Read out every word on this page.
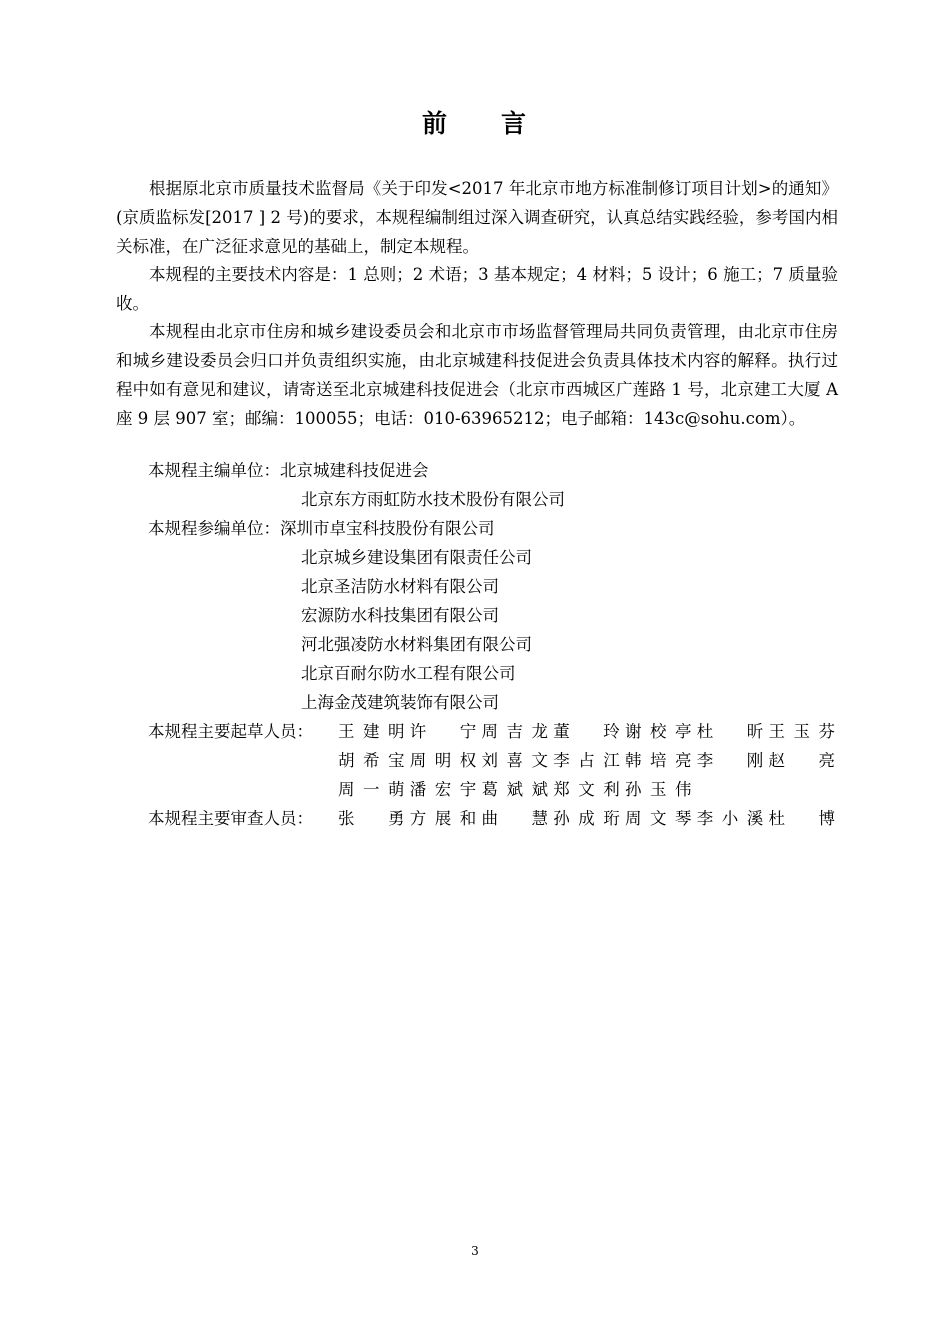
前 言

根据原北京市质量技术监督局《关于印发<2017 年北京市地方标准制修订项目计划>的通知》(京质监标发[2017 ] 2 号)的要求，本规程编制组过深入调查研究，认真总结实践经验，参考国内相关标准，在广泛征求意见的基础上，制定本规程。

本规程的主要技术内容是：1 总则；2 术语；3 基本规定；4 材料；5 设计；6 施工；7 质量验收。

本规程由北京市住房和城乡建设委员会和北京市市场监督管理局共同负责管理，由北京市住房和城乡建设委员会归口并负责组织实施，由北京城建科技促进会负责具体技术内容的解释。执行过程中如有意见和建议，请寄送至北京城建科技促进会（北京市西城区广莲路 1 号，北京建工大厦 A 座 9 层 907 室；邮编：100055；电话：010-63965212；电子邮箱：143c@sohu.com）。

本规程主编单位：北京城建科技促进会
北京东方雨虹防水技术股份有限公司
本规程参编单位：深圳市卓宝科技股份有限公司
北京城乡建设集团有限责任公司
北京圣洁防水材料有限公司
宏源防水科技集团有限公司
河北强凌防水材料集团有限公司
北京百耐尔防水工程有限公司
上海金茂建筑装饰有限公司
本规程主要起草人员： 王建明 许　宁 周吉龙 董　玲 谢校亭 杜　昕 王玉芬
胡希宝 周明权 刘喜文 李占江 韩培亮 李　刚 赵　亮
周一萌 潘宏宇 葛斌斌 郑文利 孙玉伟
本规程主要审查人员： 张　勇 方展和 曲　慧 孙成珩 周文琴 李小溪 杜　博
3
